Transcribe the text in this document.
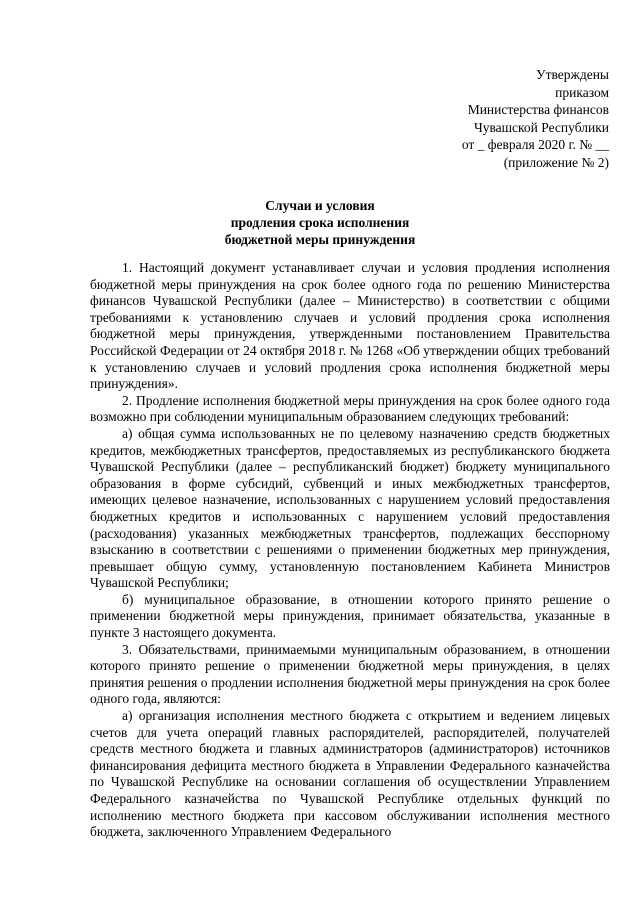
Утверждены
приказом
Министерства финансов
Чувашской Республики
от _ февраля 2020 г. № __
(приложение № 2)
Случаи и условия
продления срока исполнения
бюджетной меры принуждения

1. Настоящий документ устанавливает случаи и условия продления исполнения бюджетной меры принуждения на срок более одного года по решению Министерства финансов Чувашской Республики (далее – Министерство) в соответствии с общими требованиями к установлению случаев и условий продления срока исполнения бюджетной меры принуждения, утвержденными постановлением Правительства Российской Федерации от 24 октября 2018 г. № 1268 «Об утверждении общих требований к установлению случаев и условий продления срока исполнения бюджетной меры принуждения».

2. Продление исполнения бюджетной меры принуждения на срок более одного года возможно при соблюдении муниципальным образованием следующих требований:

а) общая сумма использованных не по целевому назначению средств бюджетных кредитов, межбюджетных трансфертов, предоставляемых из республиканского бюджета Чувашской Республики (далее – республиканский бюджет) бюджету муниципального образования в форме субсидий, субвенций и иных межбюджетных трансфертов, имеющих целевое назначение, использованных с нарушением условий предоставления бюджетных кредитов и использованных с нарушением условий предоставления (расходования) указанных межбюджетных трансфертов, подлежащих бесспорному взысканию в соответствии с решениями о применении бюджетных мер принуждения, превышает общую сумму, установленную постановлением Кабинета Министров Чувашской Республики;

б) муниципальное образование, в отношении которого принято решение о применении бюджетной меры принуждения, принимает обязательства, указанные в пункте 3 настоящего документа.

3. Обязательствами, принимаемыми муниципальным образованием, в отношении которого принято решение о применении бюджетной меры принуждения, в целях принятия решения о продлении исполнения бюджетной меры принуждения на срок более одного года, являются:

а) организация исполнения местного бюджета с открытием и ведением лицевых счетов для учета операций главных распорядителей, распорядителей, получателей средств местного бюджета и главных администраторов (администраторов) источников финансирования дефицита местного бюджета в Управлении Федерального казначейства по Чувашской Республике на основании соглашения об осуществлении Управлением Федерального казначейства по Чувашской Республике отдельных функций по исполнению местного бюджета при кассовом обслуживании исполнения местного бюджета, заключенного Управлением Федерального
